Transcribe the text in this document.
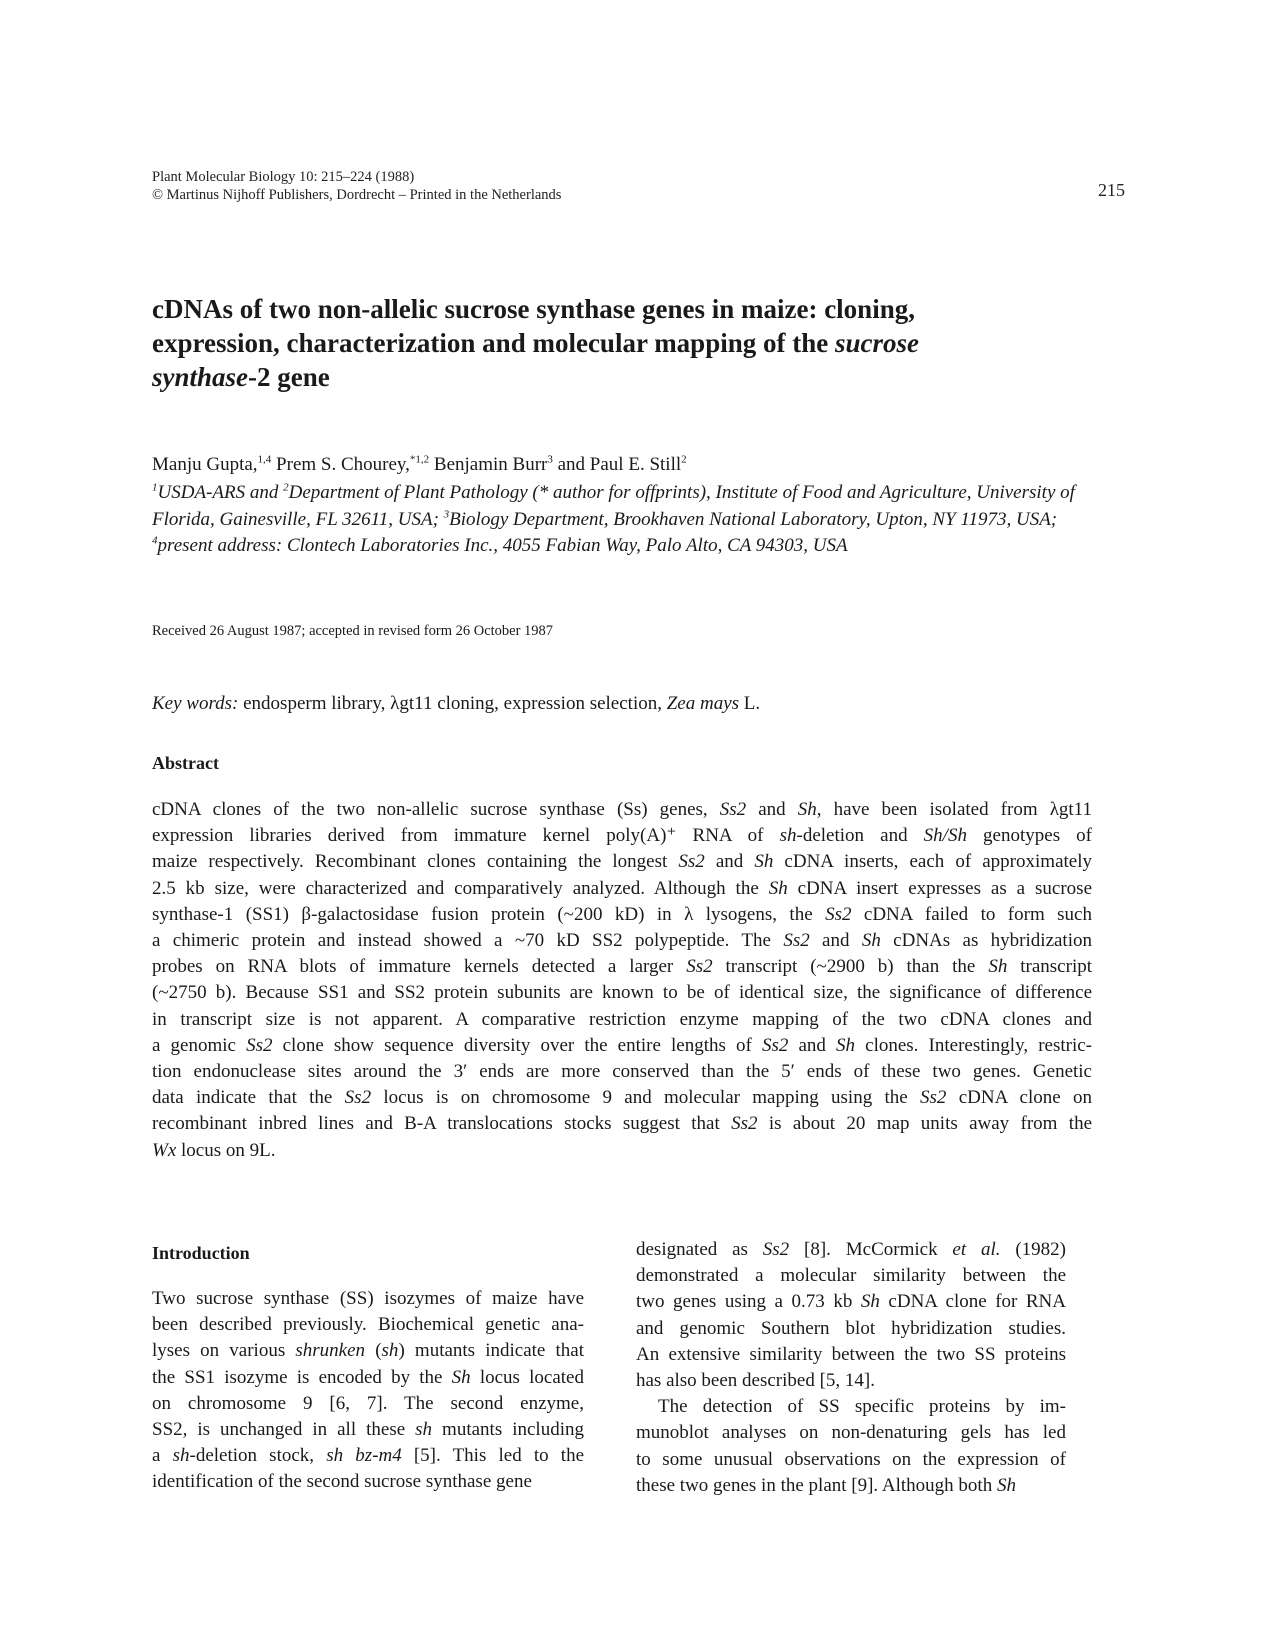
Plant Molecular Biology 10: 215–224 (1988)
© Martinus Nijhoff Publishers, Dordrecht – Printed in the Netherlands	215
cDNAs of two non-allelic sucrose synthase genes in maize: cloning, expression, characterization and molecular mapping of the sucrose synthase-2 gene
Manju Gupta,$^{1,4}$ Prem S. Chourey,$^{*1,2}$ Benjamin Burr$^3$ and Paul E. Still$^2$
$^1$USDA-ARS and $^2$Department of Plant Pathology (* author for offprints), Institute of Food and Agriculture, University of Florida, Gainesville, FL 32611, USA; $^3$Biology Department, Brookhaven National Laboratory, Upton, NY 11973, USA; $^4$present address: Clontech Laboratories Inc., 4055 Fabian Way, Palo Alto, CA 94303, USA
Received 26 August 1987; accepted in revised form 26 October 1987
Key words: endosperm library, λgt11 cloning, expression selection, Zea mays L.
Abstract
cDNA clones of the two non-allelic sucrose synthase (Ss) genes, Ss2 and Sh, have been isolated from λgt11
expression libraries derived from immature kernel poly(A)⁺ RNA of sh-deletion and Sh/Sh genotypes of
maize respectively. Recombinant clones containing the longest Ss2 and Sh cDNA inserts, each of approximately
2.5 kb size, were characterized and comparatively analyzed. Although the Sh cDNA insert expresses as a sucrose
synthase-1 (SS1) β-galactosidase fusion protein (~200 kD) in λ lysogens, the Ss2 cDNA failed to form such
a chimeric protein and instead showed a ~70 kD SS2 polypeptide. The Ss2 and Sh cDNAs as hybridization
probes on RNA blots of immature kernels detected a larger Ss2 transcript (~2900 b) than the Sh transcript
(~2750 b). Because SS1 and SS2 protein subunits are known to be of identical size, the significance of difference
in transcript size is not apparent. A comparative restriction enzyme mapping of the two cDNA clones and
a genomic Ss2 clone show sequence diversity over the entire lengths of Ss2 and Sh clones. Interestingly, restric-
tion endonuclease sites around the 3′ ends are more conserved than the 5′ ends of these two genes. Genetic
data indicate that the Ss2 locus is on chromosome 9 and molecular mapping using the Ss2 cDNA clone on
recombinant inbred lines and B-A translocations stocks suggest that Ss2 is about 20 map units away from the
Wx locus on 9L.
Introduction
Two sucrose synthase (SS) isozymes of maize have
been described previously. Biochemical genetic ana-
lyses on various shrunken (sh) mutants indicate that
the SS1 isozyme is encoded by the Sh locus located
on chromosome 9 [6, 7]. The second enzyme,
SS2, is unchanged in all these sh mutants including
a sh-deletion stock, sh bz-m4 [5]. This led to the
identification of the second sucrose synthase gene
designated as Ss2 [8]. McCormick et al. (1982)
demonstrated a molecular similarity between the
two genes using a 0.73 kb Sh cDNA clone for RNA
and genomic Southern blot hybridization studies.
An extensive similarity between the two SS proteins
has also been described [5, 14].
The detection of SS specific proteins by im-
munoblot analyses on non-denaturing gels has led
to some unusual observations on the expression of
these two genes in the plant [9]. Although both Sh
